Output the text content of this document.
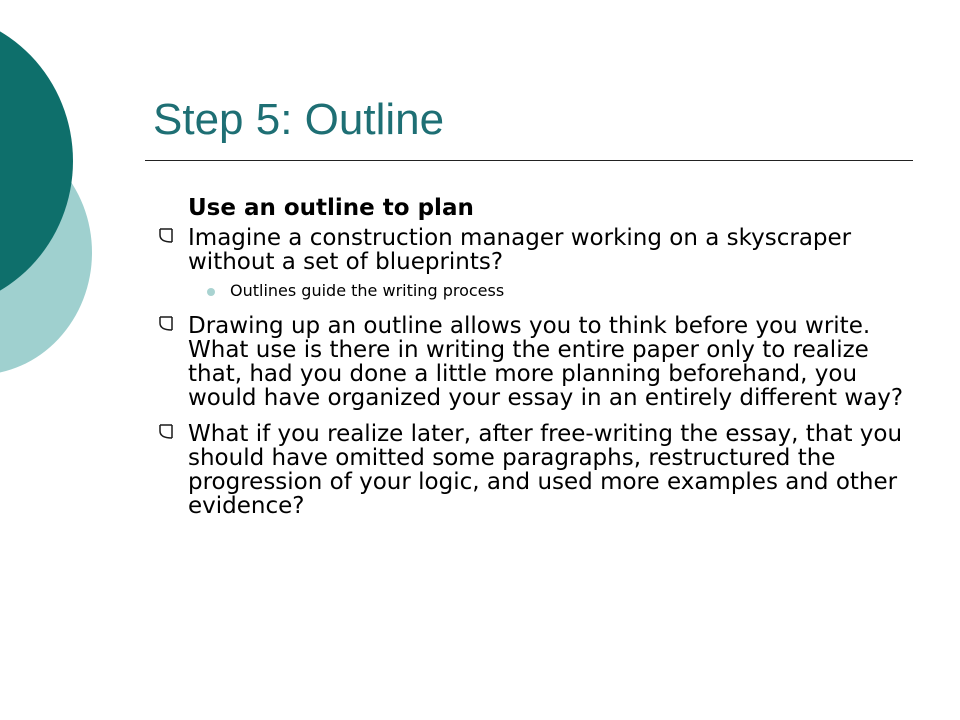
Step 5: Outline
Use an outline to plan
Imagine a construction manager working on a skyscraper without a set of blueprints?
Outlines guide the writing process
Drawing up an outline allows you to think before you write. What use is there in writing the entire paper only to realize that, had you done a little more planning beforehand, you would have organized your essay in an entirely different way?
What if you realize later, after free-writing the essay, that you should have omitted some paragraphs, restructured the progression of your logic, and used more examples and other evidence?
